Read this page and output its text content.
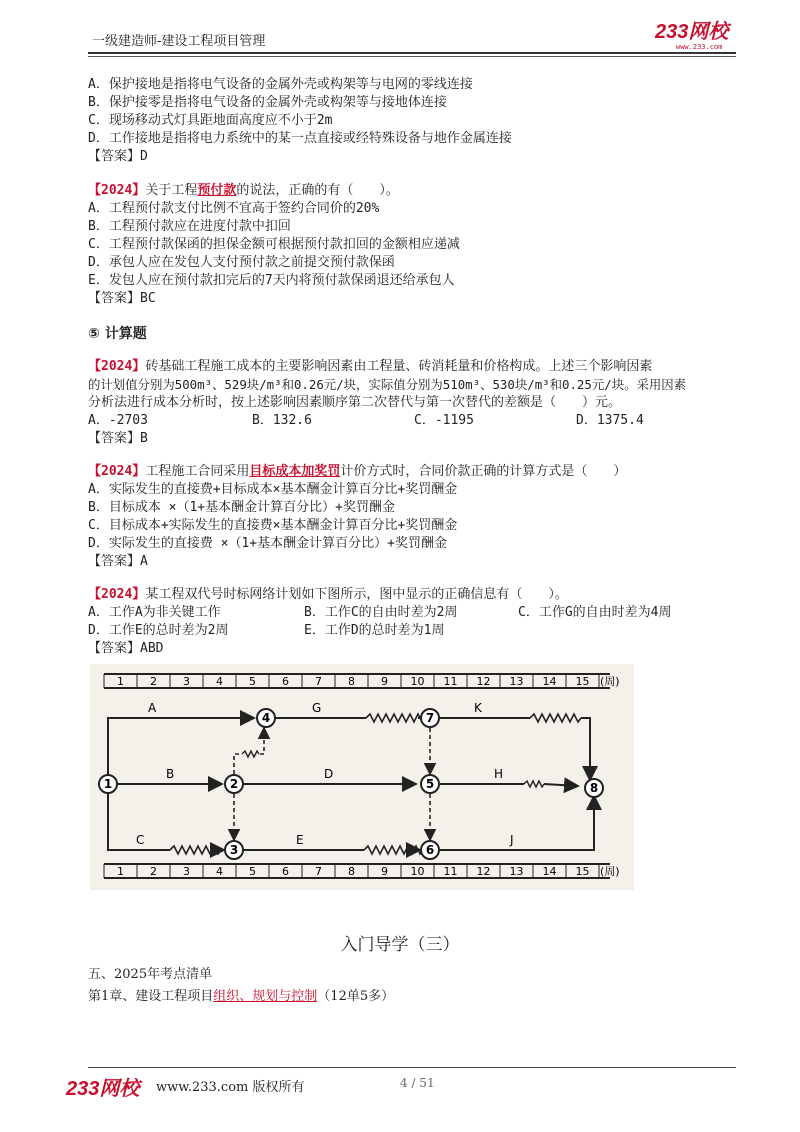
一级建造师-建设工程项目管理	233网校
www.233.com
A．保护接地是指将电气设备的金属外壳或构架等与电网的零线连接
B．保护接零是指将电气设备的金属外壳或构架等与接地体连接
C．现场移动式灯具距地面高度应不小于2m
D．工作接地是指将电力系统中的某一点直接或经特殊设备与地作金属连接
【答案】D
【2024】关于工程预付款的说法，正确的有（　　）。
A．工程预付款支付比例不宜高于签约合同价的20%
B．工程预付款应在进度付款中扣回
C．工程预付款保函的担保金额可根据预付款扣回的金额相应递减
D．承包人应在发包人支付预付款之前提交预付款保函
E．发包人应在预付款扣完后的7天内将预付款保函退还给承包人
【答案】BC
⑤ 计算题
【2024】砖基础工程施工成本的主要影响因素由工程量、砖消耗量和价格构成。上述三个影响因素
的计划值分别为500m³、529块/m³和0.26元/块，实际值分别为510m³、530块/m³和0.25元/块。采用因素
分析法进行成本分析时，按上述影响因素顺序第二次替代与第一次替代的差额是（　　）元。
A．-2703	B．132.6	C．-1195	D．1375.4
【答案】B
【2024】工程施工合同采用目标成本加奖罚计价方式时，合同价款正确的计算方式是（　　）
A．实际发生的直接费+目标成本×基本酬金计算百分比+奖罚酬金
B．目标成本 ×（1+基本酬金计算百分比）+奖罚酬金
C．目标成本+实际发生的直接费×基本酬金计算百分比+奖罚酬金
D．实际发生的直接费 ×（1+基本酬金计算百分比）+奖罚酬金
【答案】A
【2024】某工程双代号时标网络计划如下图所示，图中显示的正确信息有（　　）。
A．工作A为非关键工作	B．工作C的自由时差为2周	C．工作G的自由时差为4周
D．工作E的总时差为2周	E．工作D的总时差为1周
【答案】ABD
1 2 3 4 5 6 7 8 9 10 11 12 13 14 15 (周)
1 2 3 4 5 6 7 8 9 10 11 12 13 14 15 (周)
A
B
C
G
D
E
K
H
J
1	2
3
4
5
6
7
8
入门导学（三）
五、2025年考点清单
第1章、建设工程项目组织、规划与控制（12单5多）
233网校 www.233.com 版权所有	4 / 51
